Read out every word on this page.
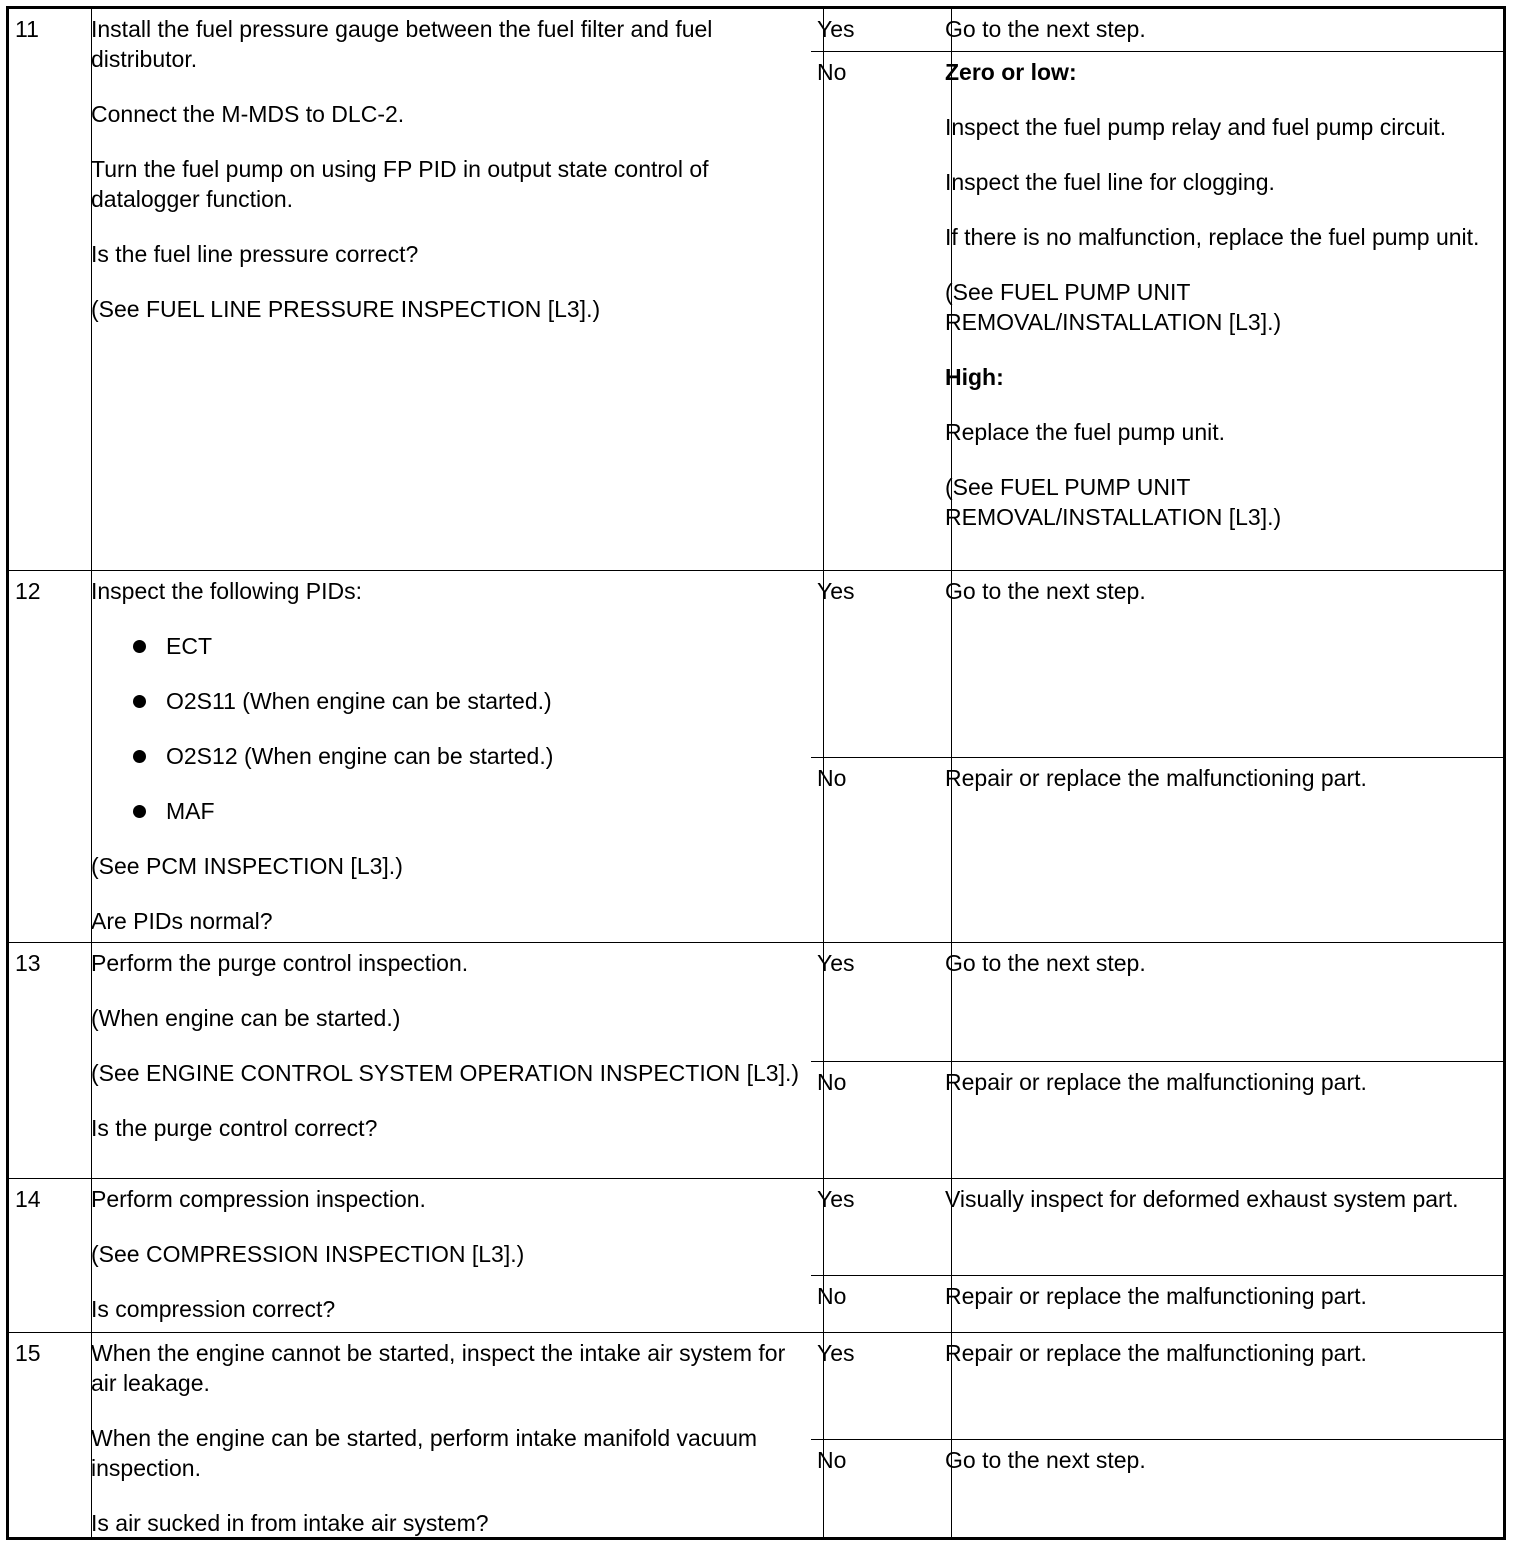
11	Install the fuel pressure gauge between the fuel filter and fuel distributor.

Connect the M-MDS to DLC-2.

Turn the fuel pump on using FP PID in output state control of datalogger function.

Is the fuel line pressure correct?

(See FUEL LINE PRESSURE INSPECTION [L3].)

Yes	Go to the next step.
No	Zero or low:

Inspect the fuel pump relay and fuel pump circuit.

Inspect the fuel line for clogging.

If there is no malfunction, replace the fuel pump unit.

(See FUEL PUMP UNIT REMOVAL/INSTALLATION [L3].)

High:

Replace the fuel pump unit.

(See FUEL PUMP UNIT REMOVAL/INSTALLATION [L3].)

12	Inspect the following PIDs:

ECT
O2S11 (When engine can be started.)
O2S12 (When engine can be started.)
MAF

(See PCM INSPECTION [L3].)

Are PIDs normal?

Yes	Go to the next step.
No	Repair or replace the malfunctioning part.
13	Perform the purge control inspection.

(When engine can be started.)

(See ENGINE CONTROL SYSTEM OPERATION INSPECTION [L3].)

Is the purge control correct?

Yes	Go to the next step.
No	Repair or replace the malfunctioning part.
14	Perform compression inspection.

(See COMPRESSION INSPECTION [L3].)

Is compression correct?

Yes	Visually inspect for deformed exhaust system part.
No	Repair or replace the malfunctioning part.
15	When the engine cannot be started, inspect the intake air system for air leakage.

When the engine can be started, perform intake manifold vacuum inspection.

Is air sucked in from intake air system?

Yes	Repair or replace the malfunctioning part.
No	Go to the next step.
